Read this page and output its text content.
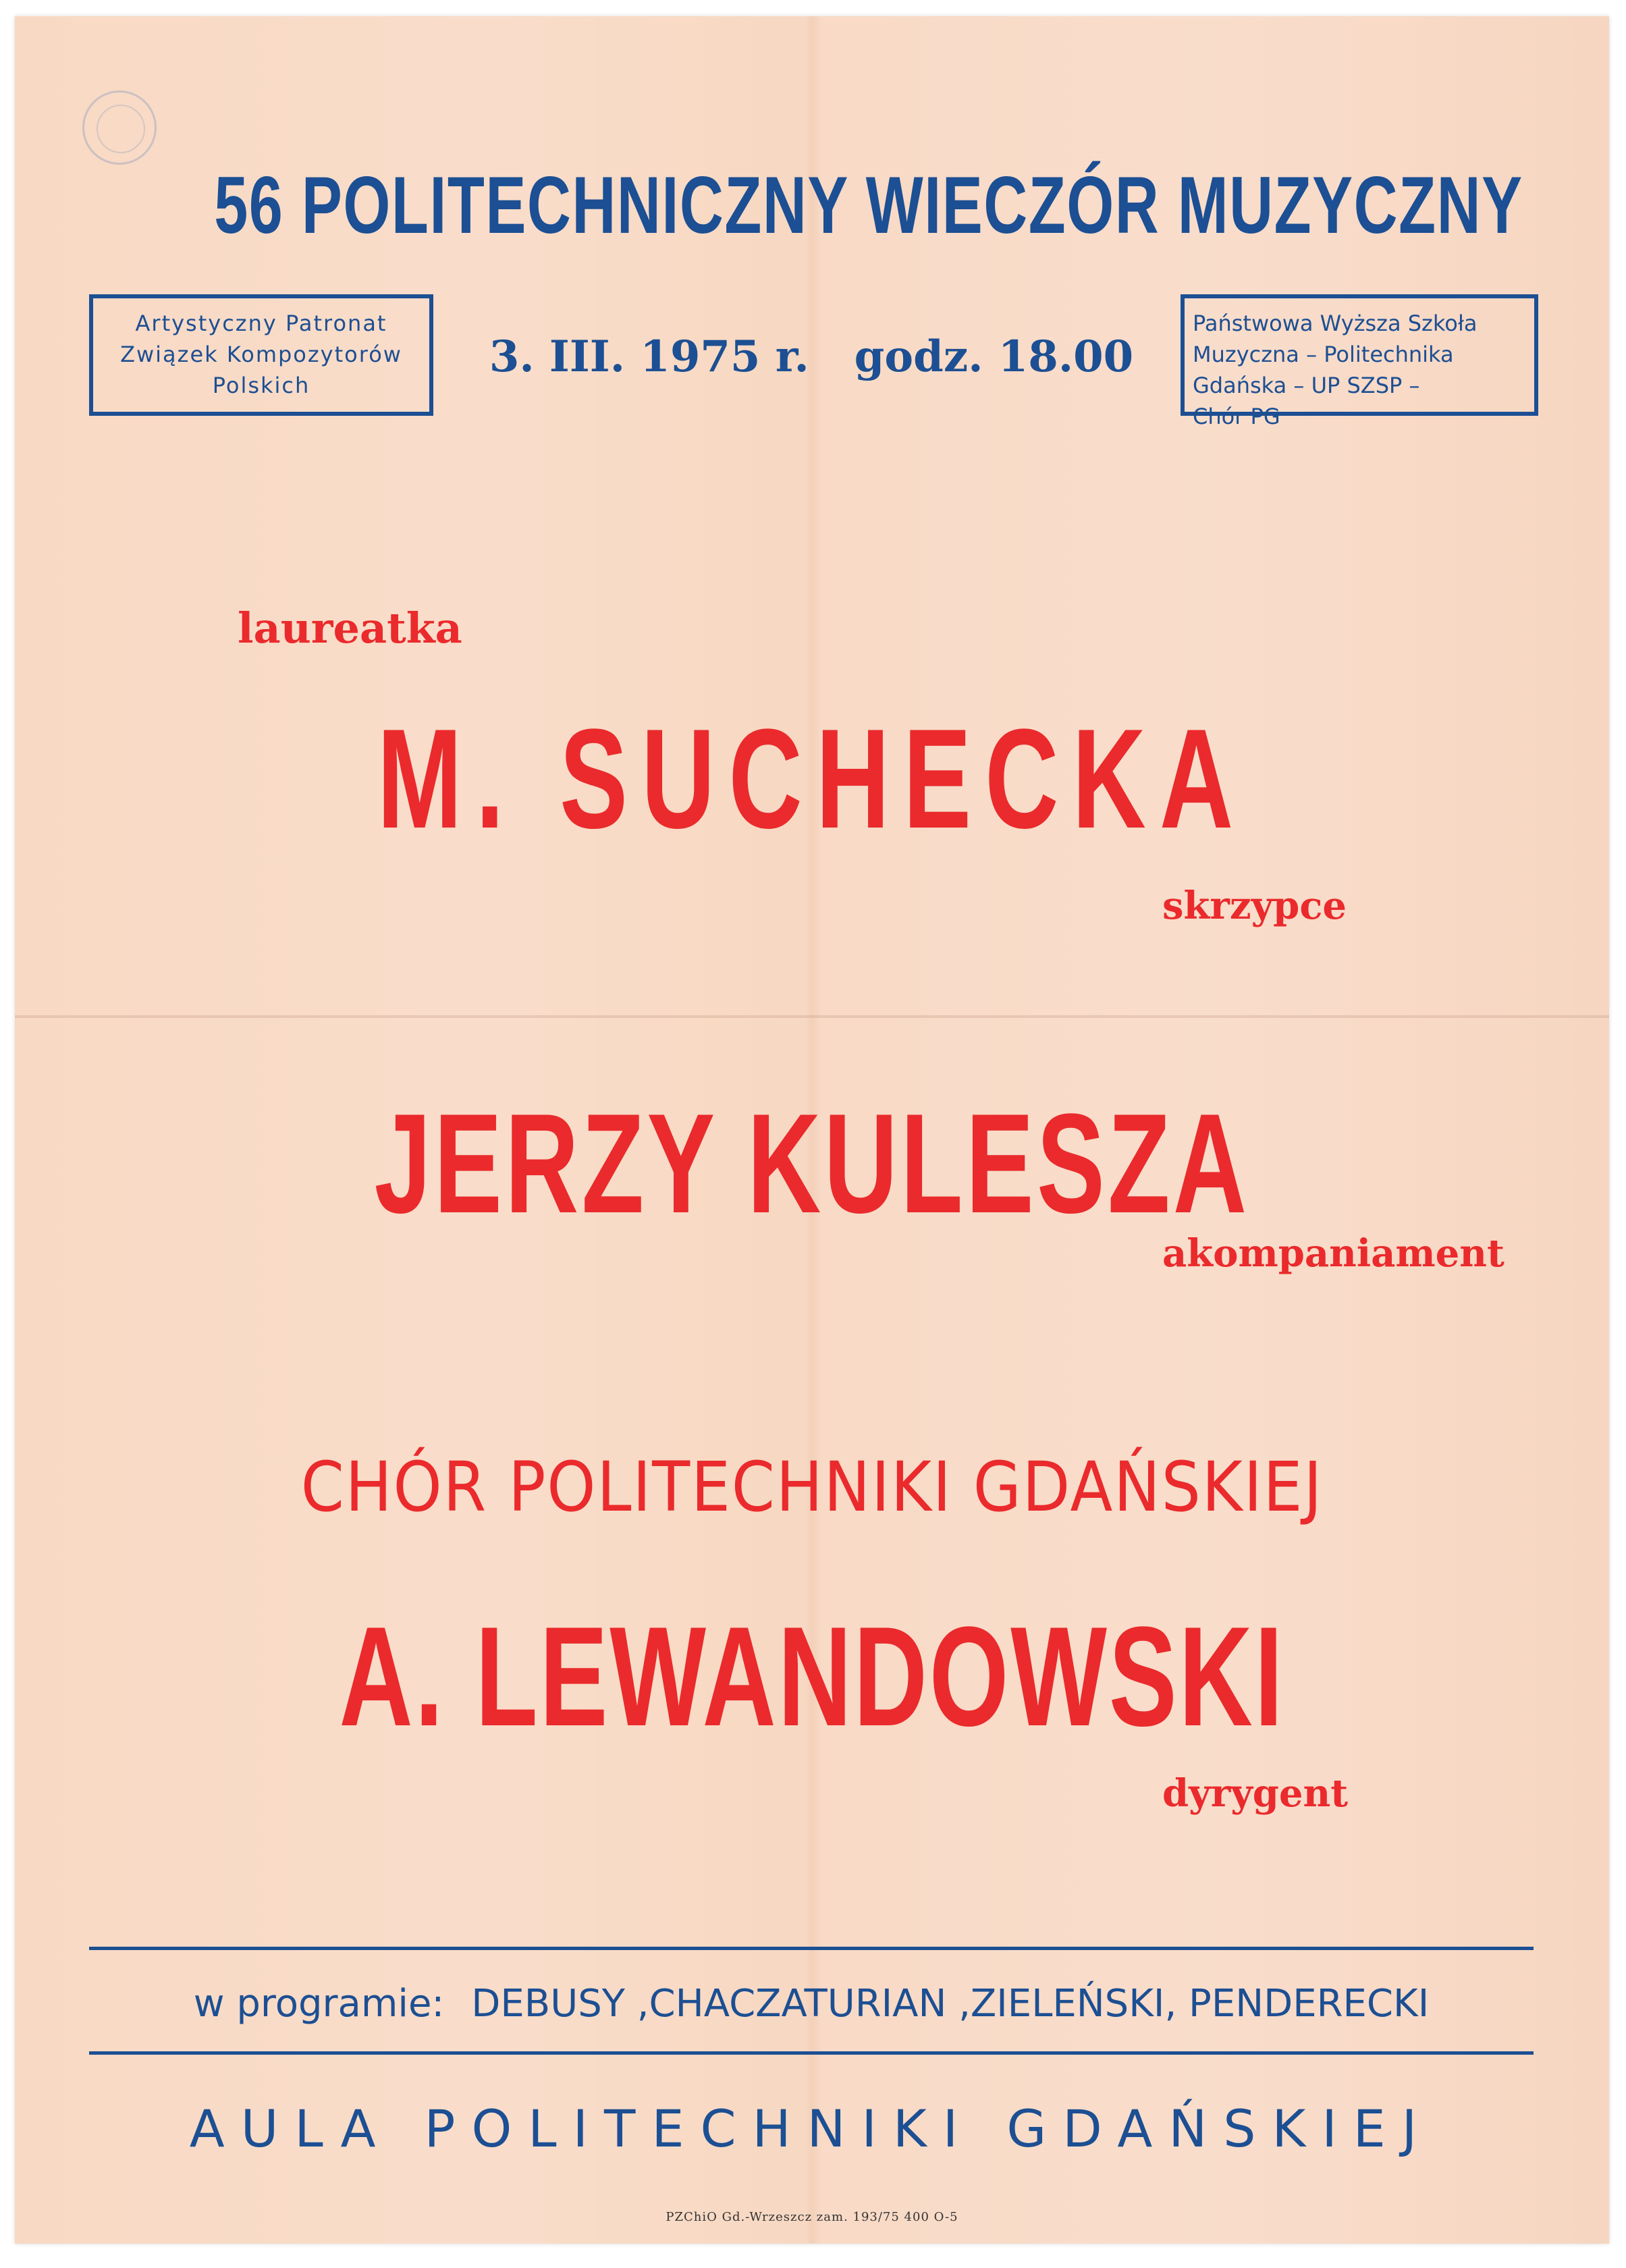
56 POLITECHNICZNY WIECZÓR MUZYCZNY
Artystyczny Patronat
Związek Kompozytorów
Polskich
3. III. 1975 r.   godz. 18.00
Państwowa Wyższa Szkoła
Muzyczna – Politechnika
Gdańska – UP SZSP –
Chór PG
laureatka
M. SUCHECKA
skrzypce
JERZY KULESZA
akompaniament
CHÓR POLITECHNIKI GDAŃSKIEJ
A. LEWANDOWSKI
dyrygent
w programie: DEBUSY ,CHACZATURIAN ,ZIELEŃSKI, PENDERECKI
AULA POLITECHNIKI GDAŃSKIEJ
PZChiO Gd.-Wrzeszcz zam. 193/75 400 O-5
